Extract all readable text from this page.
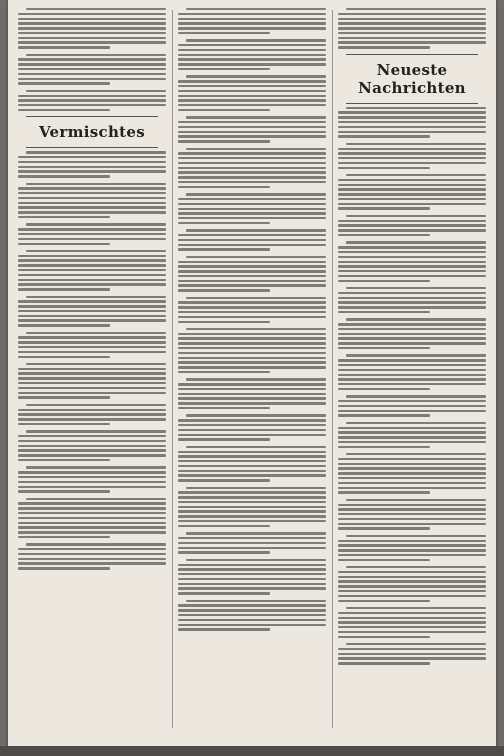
Vermischtes
Neueste Nachrichten
